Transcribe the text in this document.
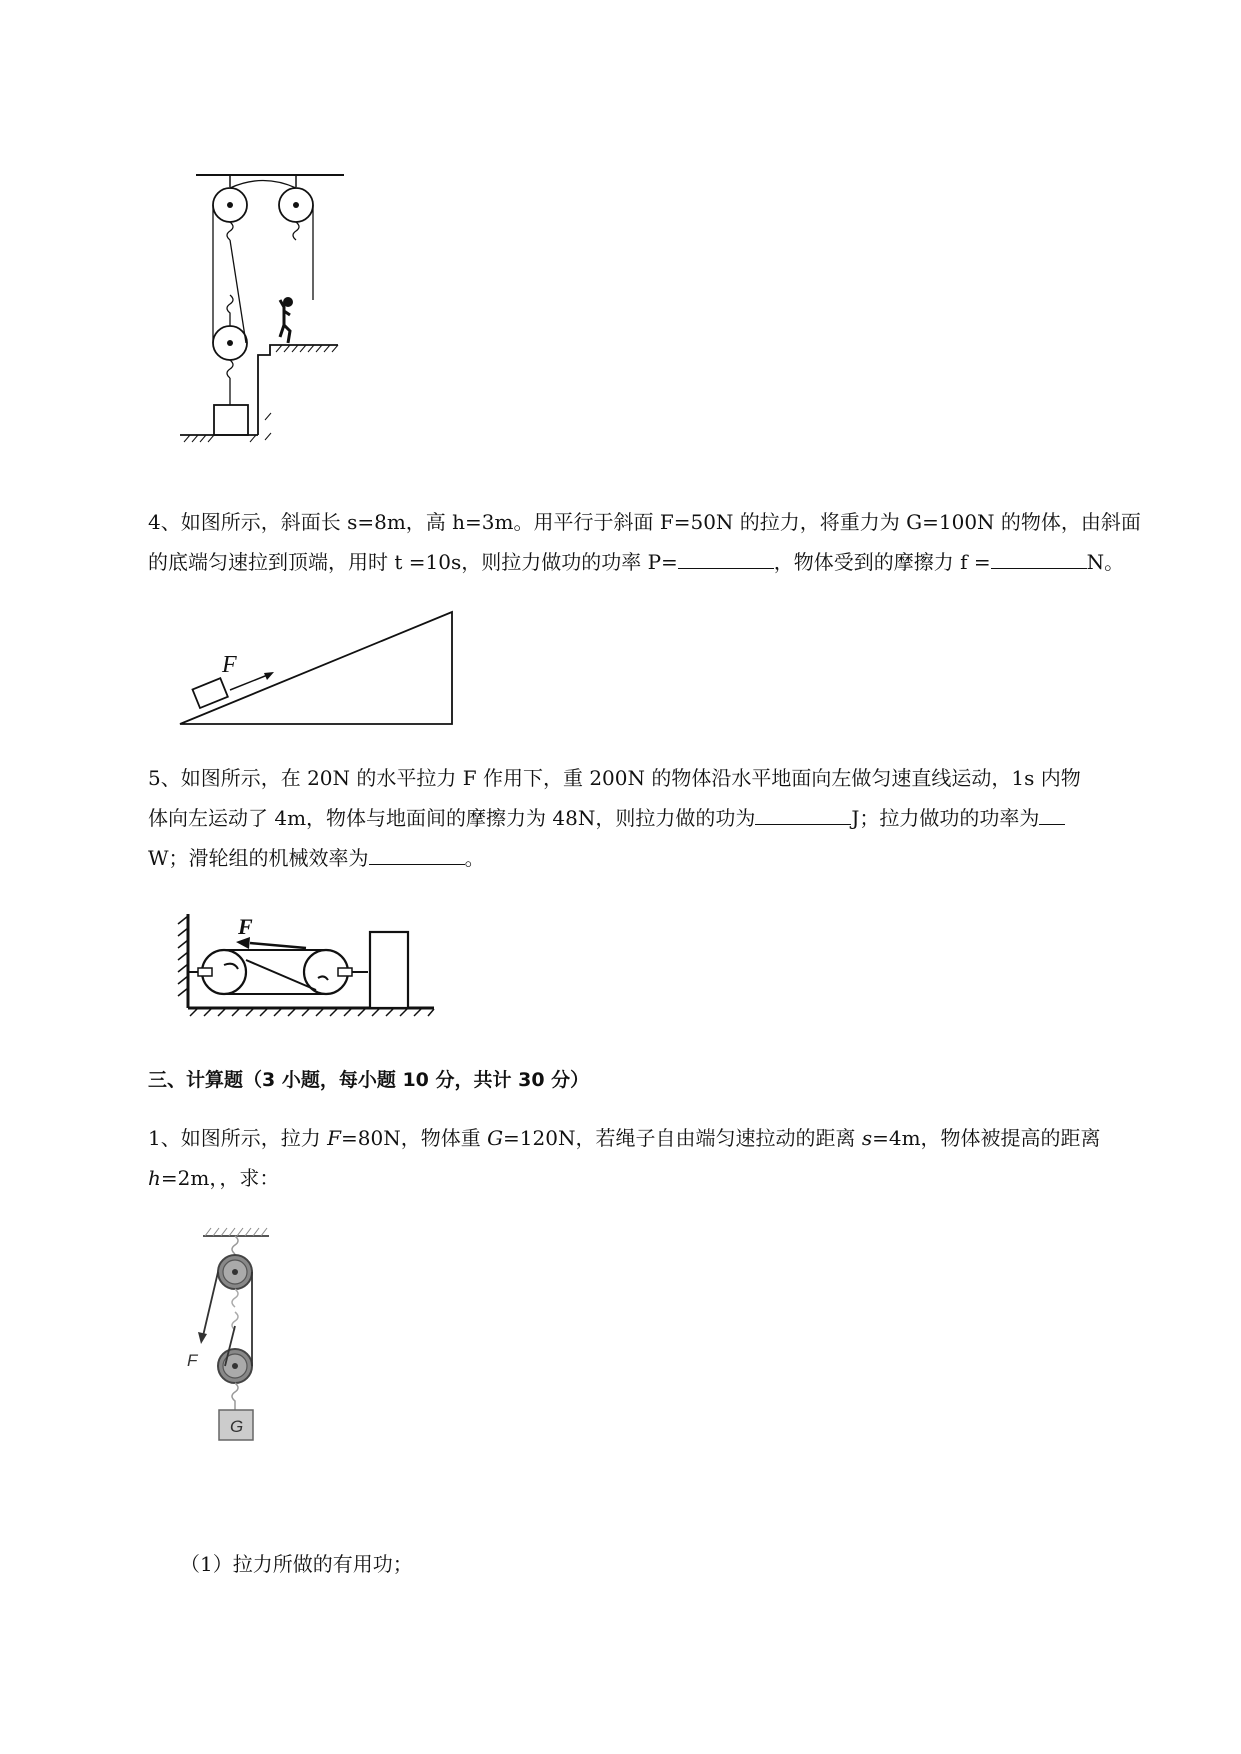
4、如图所示，斜面长 s=8m，高 h=3m。用平行于斜面 F=50N 的拉力，将重力为 G=100N 的物体，由斜面
的底端匀速拉到顶端，用时 t =10s，则拉力做功的功率 P=	，物体受到的摩擦力 f =	N。
F
5、如图所示，在 20N 的水平拉力 F 作用下，重 200N 的物体沿水平地面向左做匀速直线运动，1s 内物
体向左运动了 4m，物体与地面间的摩擦力为 48N，则拉力做的功为	J；拉力做功的功率为
W；滑轮组的机械效率为	。
F
三、计算题（3 小题，每小题 10 分，共计 30 分）
1、如图所示，拉力 F=80N，物体重 G=120N，若绳子自由端匀速拉动的距离 s=4m，物体被提高的距离
h=2m，，求：
F
G
（1）拉力所做的有用功；
